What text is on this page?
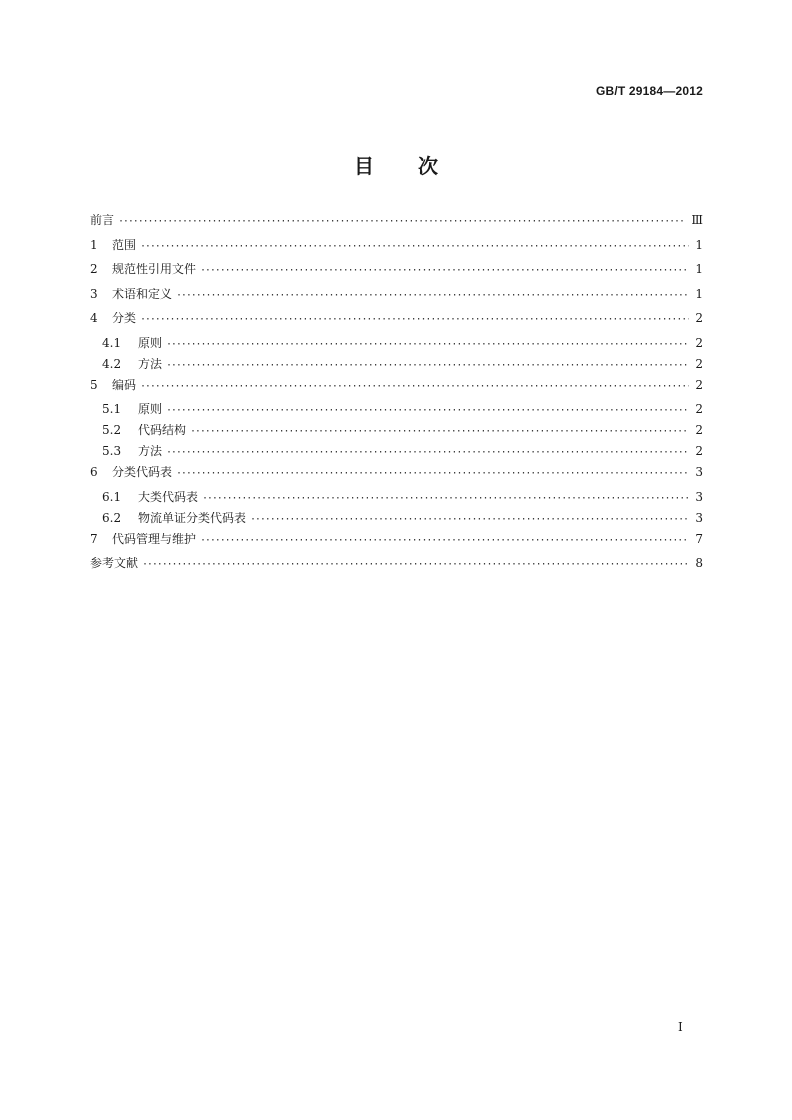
GB/T 29184—2012
目 次
前言 ·····	Ⅲ
1	范围 ·····	1
2	规范性引用文件 ·····	1
3	术语和定义 ·····	1
4	分类 ·····	2
4.1	原则 ·····	2
4.2	方法 ·····	2
5	编码 ·····	2
5.1	原则 ·····	2
5.2	代码结构 ·····	2
5.3	方法 ·····	2
6	分类代码表 ·····	3
6.1	大类代码表 ·····	3
6.2	物流单证分类代码表 ·····	3
7	代码管理与维护 ·····	7
参考文献 ·····	8
I
